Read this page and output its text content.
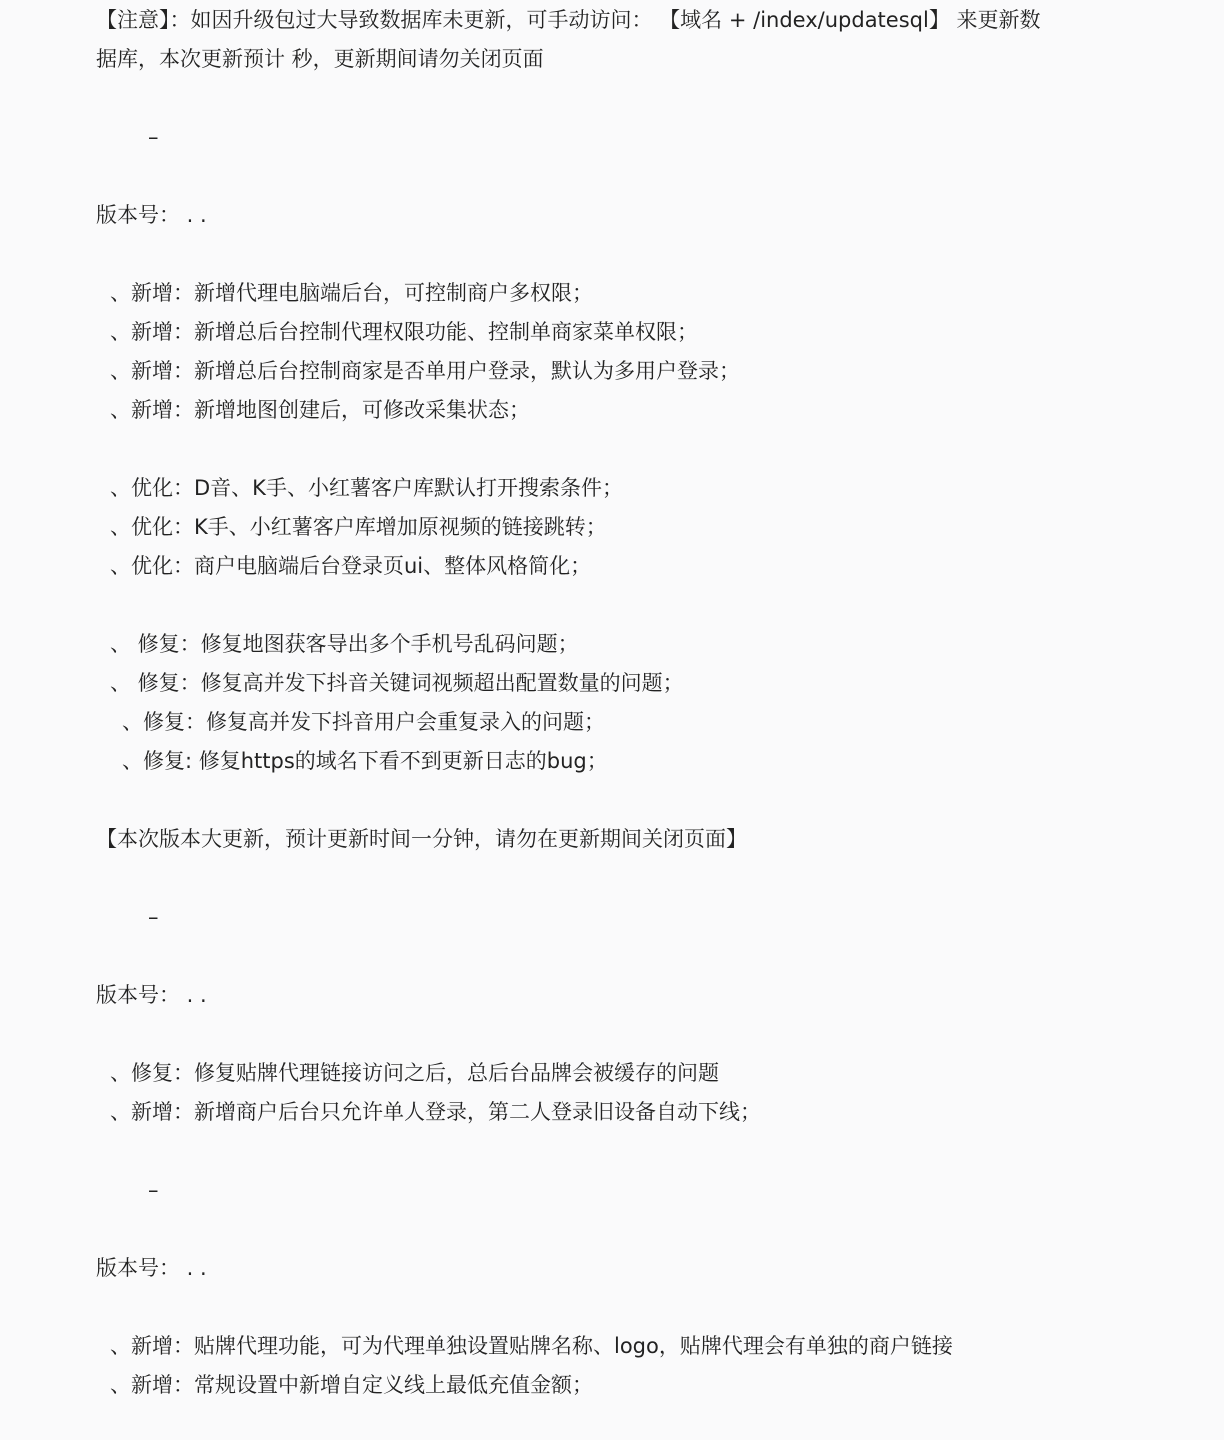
【注意】：如因升级包过大导致数据库未更新，可手动访问： 【域名 + /index/updatesql】 来更新数
据库，本次更新预计 秒，更新期间请勿关闭页面
–
版本号： . .
、新增：新增代理电脑端后台，可控制商户多权限；
、新增：新增总后台控制代理权限功能、控制单商家菜单权限；
、新增：新增总后台控制商家是否单用户登录，默认为多用户登录；
、新增：新增地图创建后，可修改采集状态；
、优化：D音、K手、小红薯客户库默认打开搜索条件；
、优化：K手、小红薯客户库增加原视频的链接跳转；
、优化：商户电脑端后台登录页ui、整体风格简化；
、 修复：修复地图获客导出多个手机号乱码问题；
、 修复：修复高并发下抖音关键词视频超出配置数量的问题；
、修复：修复高并发下抖音用户会重复录入的问题；
、修复: 修复https的域名下看不到更新日志的bug；
【本次版本大更新，预计更新时间一分钟，请勿在更新期间关闭页面】
–
版本号： . .
、修复：修复贴牌代理链接访问之后，总后台品牌会被缓存的问题
、新增：新增商户后台只允许单人登录，第二人登录旧设备自动下线；
–
版本号： . .
、新增：贴牌代理功能，可为代理单独设置贴牌名称、logo，贴牌代理会有单独的商户链接
、新增：常规设置中新增自定义线上最低充值金额；
